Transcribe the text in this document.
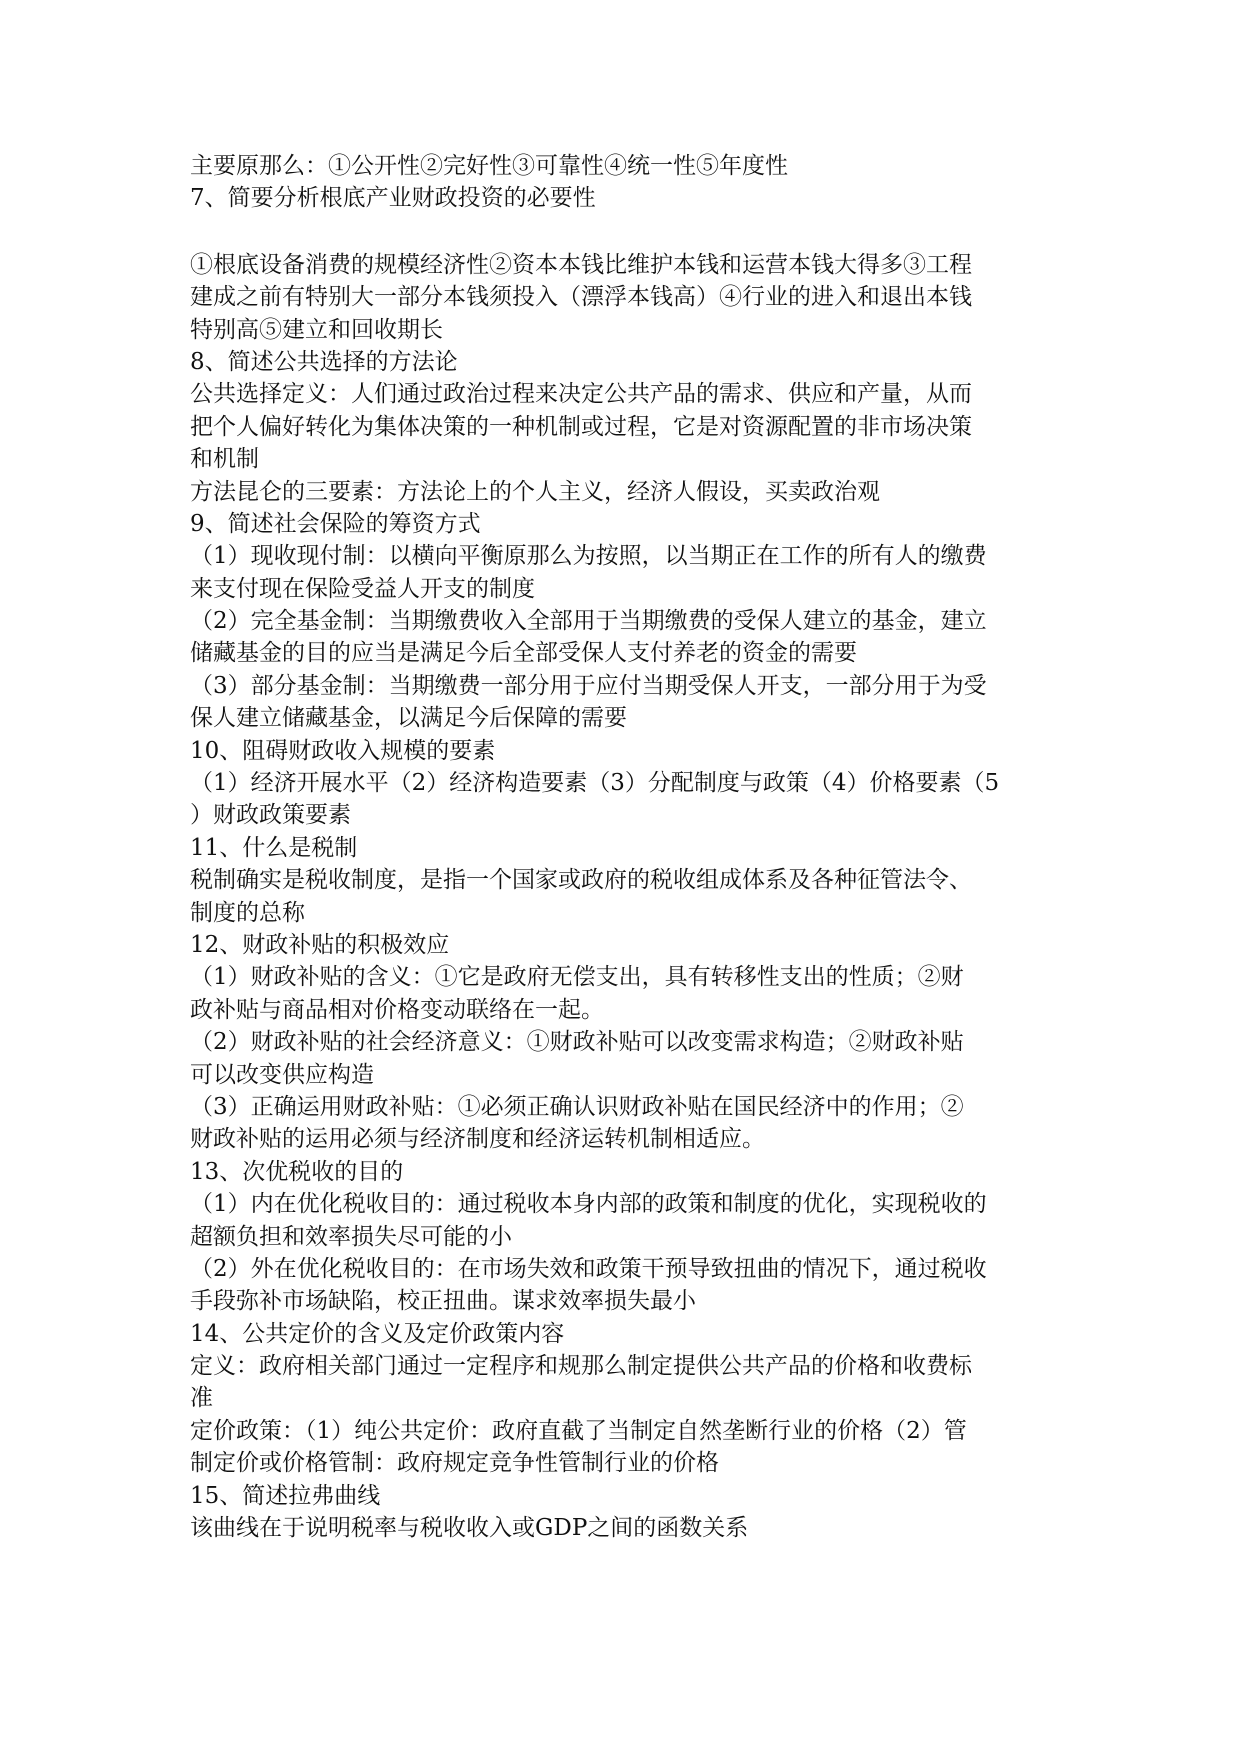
主要原那么：①公开性②完好性③可靠性④统一性⑤年度性
7、简要分析根底产业财政投资的必要性
①根底设备消费的规模经济性②资本本钱比维护本钱和运营本钱大得多③工程
建成之前有特别大一部分本钱须投入（漂浮本钱高）④行业的进入和退出本钱
特别高⑤建立和回收期长
8、简述公共选择的方法论
公共选择定义：人们通过政治过程来决定公共产品的需求、供应和产量，从而
把个人偏好转化为集体决策的一种机制或过程，它是对资源配置的非市场决策
和机制
方法昆仑的三要素：方法论上的个人主义，经济人假设，买卖政治观
9、简述社会保险的筹资方式
（1）现收现付制：以横向平衡原那么为按照，以当期正在工作的所有人的缴费
来支付现在保险受益人开支的制度
（2）完全基金制：当期缴费收入全部用于当期缴费的受保人建立的基金，建立
储藏基金的目的应当是满足今后全部受保人支付养老的资金的需要
（3）部分基金制：当期缴费一部分用于应付当期受保人开支，一部分用于为受
保人建立储藏基金，以满足今后保障的需要
10、阻碍财政收入规模的要素
（1）经济开展水平（2）经济构造要素（3）分配制度与政策（4）价格要素（5
）财政政策要素
11、什么是税制
税制确实是税收制度，是指一个国家或政府的税收组成体系及各种征管法令、
制度的总称
12、财政补贴的积极效应
（1）财政补贴的含义：①它是政府无偿支出，具有转移性支出的性质；②财
政补贴与商品相对价格变动联络在一起。
（2）财政补贴的社会经济意义：①财政补贴可以改变需求构造；②财政补贴
可以改变供应构造
（3）正确运用财政补贴：①必须正确认识财政补贴在国民经济中的作用；②
财政补贴的运用必须与经济制度和经济运转机制相适应。
13、次优税收的目的
（1）内在优化税收目的：通过税收本身内部的政策和制度的优化，实现税收的
超额负担和效率损失尽可能的小
（2）外在优化税收目的：在市场失效和政策干预导致扭曲的情况下，通过税收
手段弥补市场缺陷，校正扭曲。谋求效率损失最小
14、公共定价的含义及定价政策内容
定义：政府相关部门通过一定程序和规那么制定提供公共产品的价格和收费标
准
定价政策：（1）纯公共定价：政府直截了当制定自然垄断行业的价格（2）管
制定价或价格管制：政府规定竞争性管制行业的价格
15、简述拉弗曲线
该曲线在于说明税率与税收收入或GDP之间的函数关系
